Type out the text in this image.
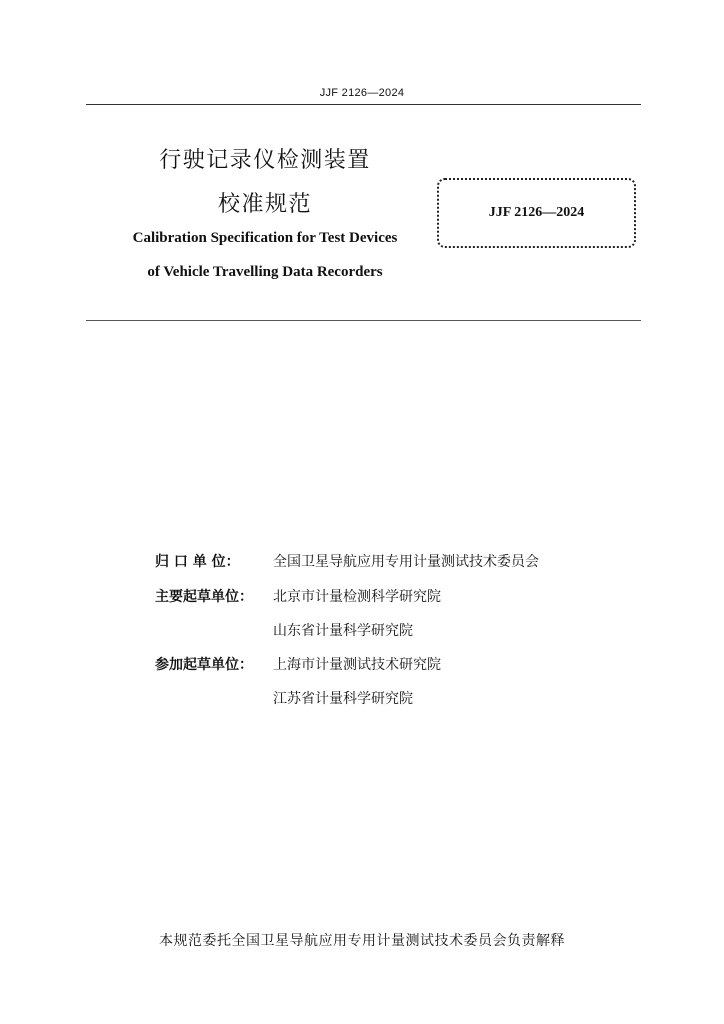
JJF 2126—2024
行驶记录仪检测装置
校准规范
Calibration Specification for Test Devices
of Vehicle Travelling Data Recorders
JJF 2126—2024
归 口 单 位： 全国卫星导航应用专用计量测试技术委员会
主要起草单位： 北京市计量检测科学研究院
山东省计量科学研究院
参加起草单位： 上海市计量测试技术研究院
江苏省计量科学研究院
本规范委托全国卫星导航应用专用计量测试技术委员会负责解释
